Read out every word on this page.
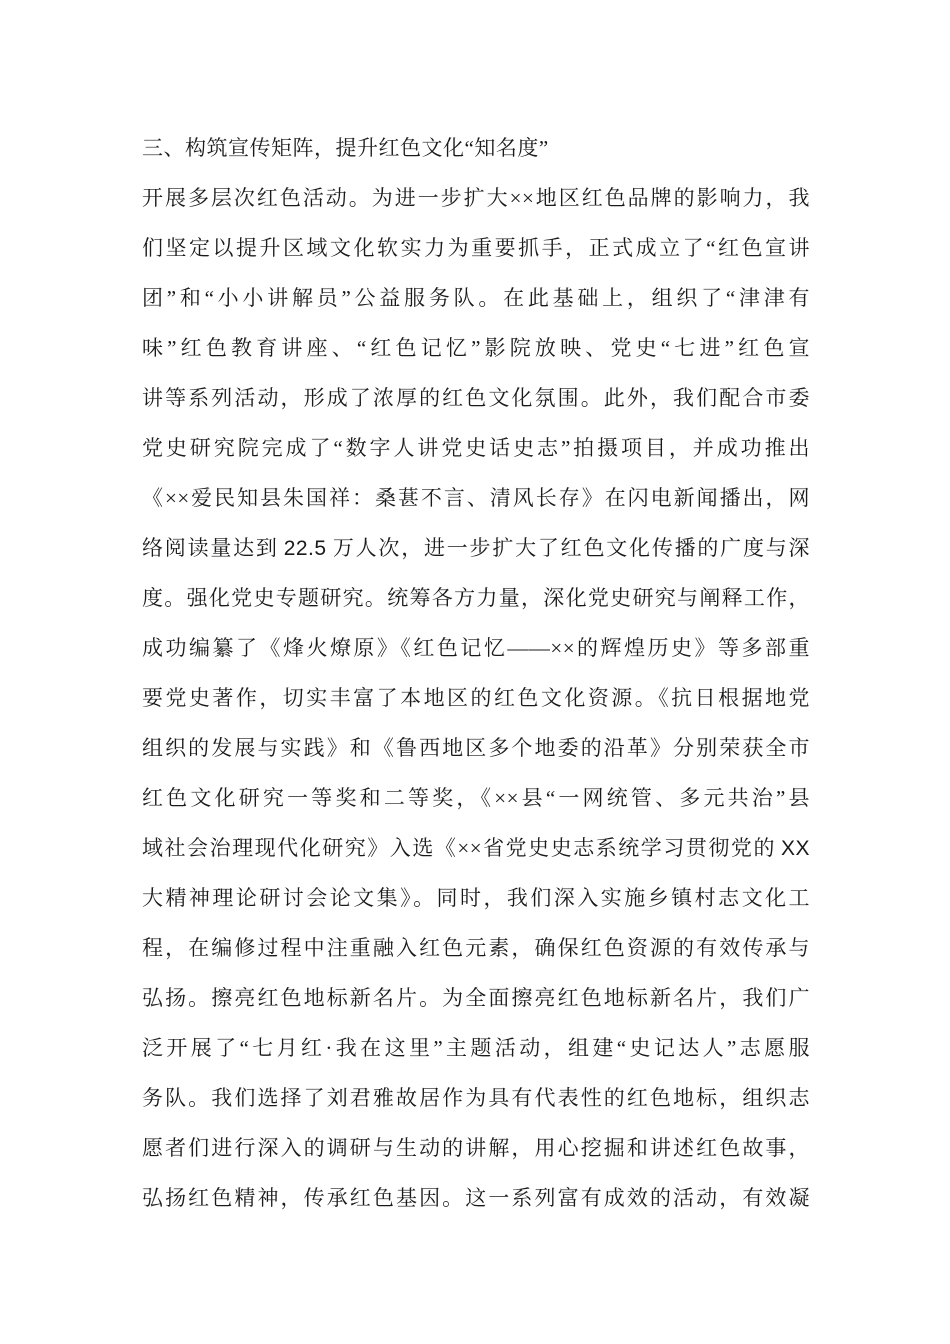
三、构筑宣传矩阵，提升红色文化“知名度”
开展多层次红色活动。为进一步扩大××地区红色品牌的影响力，我
们坚定以提升区域文化软实力为重要抓手，正式成立了“红色宣讲
团”和“小小讲解员”公益服务队。在此基础上，组织了“津津有
味”红色教育讲座、“红色记忆”影院放映、党史“七进”红色宣
讲等系列活动，形成了浓厚的红色文化氛围。此外，我们配合市委
党史研究院完成了“数字人讲党史话史志”拍摄项目，并成功推出
《××爱民知县朱国祥：桑葚不言、清风长存》在闪电新闻播出，网
络阅读量达到 22.5 万人次，进一步扩大了红色文化传播的广度与深
度。强化党史专题研究。统筹各方力量，深化党史研究与阐释工作，
成功编纂了《烽火燎原》《红色记忆——××的辉煌历史》等多部重
要党史著作，切实丰富了本地区的红色文化资源。《抗日根据地党
组织的发展与实践》和《鲁西地区多个地委的沿革》分别荣获全市
红色文化研究一等奖和二等奖，《××县“一网统管、多元共治”县
域社会治理现代化研究》入选《××省党史史志系统学习贯彻党的 XX
大精神理论研讨会论文集》。同时，我们深入实施乡镇村志文化工
程，在编修过程中注重融入红色元素，确保红色资源的有效传承与
弘扬。擦亮红色地标新名片。为全面擦亮红色地标新名片，我们广
泛开展了“七月红·我在这里”主题活动，组建“史记达人”志愿服
务队。我们选择了刘君雅故居作为具有代表性的红色地标，组织志
愿者们进行深入的调研与生动的讲解，用心挖掘和讲述红色故事，
弘扬红色精神，传承红色基因。这一系列富有成效的活动，有效凝
